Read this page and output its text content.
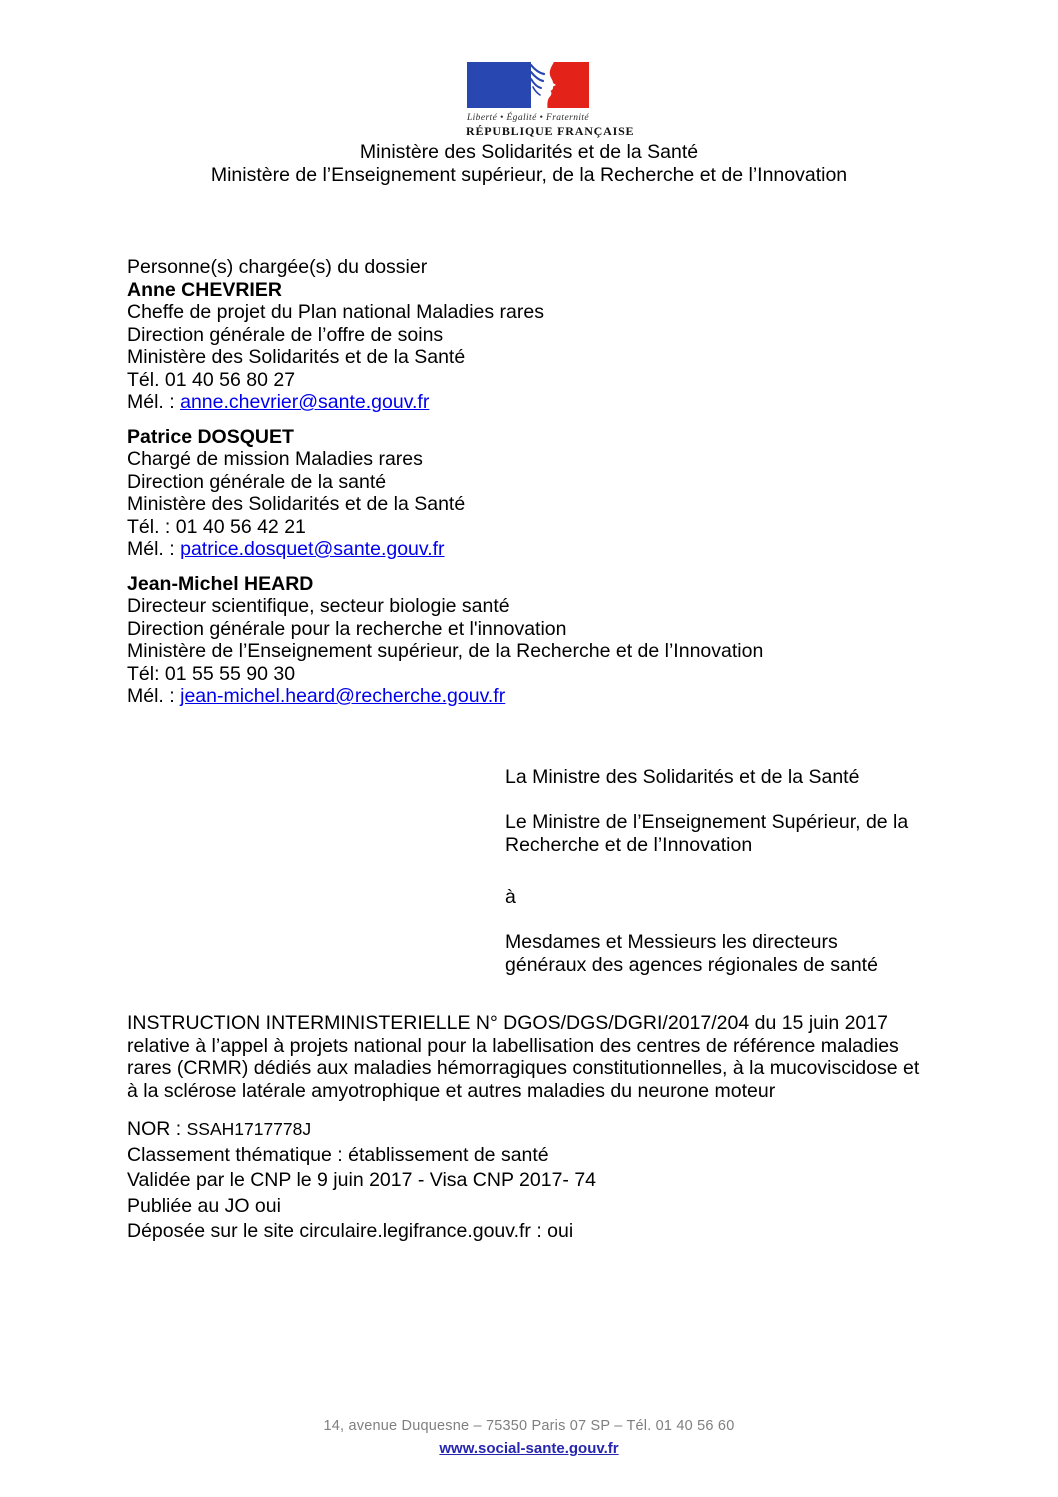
Liberté • Égalité • Fraternité
RÉPUBLIQUE FRANÇAISE
Ministère des Solidarités et de la Santé
Ministère de l’Enseignement supérieur, de la Recherche et de l’Innovation
Personne(s) chargée(s) du dossier
Anne CHEVRIER
Cheffe de projet du Plan national Maladies rares
Direction générale de l’offre de soins
Ministère des Solidarités et de la Santé
Tél. 01 40 56 80 27
Mél. : anne.chevrier@sante.gouv.fr
Patrice DOSQUET
Chargé de mission Maladies rares
Direction générale de la santé
Ministère des Solidarités et de la Santé
Tél. : 01 40 56 42 21
Mél. : patrice.dosquet@sante.gouv.fr
Jean-Michel HEARD
Directeur scientifique, secteur biologie santé
Direction générale pour la recherche et l'innovation
Ministère de l’Enseignement supérieur, de la Recherche et de l’Innovation
Tél: 01 55 55 90 30
Mél. : jean-michel.heard@recherche.gouv.fr
La Ministre des Solidarités et de la Santé
Le Ministre de l’Enseignement Supérieur, de la Recherche et de l’Innovation
à
Mesdames et Messieurs les directeurs généraux des agences régionales de santé
INSTRUCTION INTERMINISTERIELLE N° DGOS/DGS/DGRI/2017/204 du 15 juin 2017 relative à l’appel à projets national pour la labellisation des centres de référence maladies rares (CRMR) dédiés aux maladies hémorragiques constitutionnelles, à la mucoviscidose et à la sclérose latérale amyotrophique et autres maladies du neurone moteur
NOR : SSAH1717778J
Classement thématique : établissement de santé
Validée par le CNP le 9 juin 2017 - Visa CNP 2017- 74
Publiée au JO oui
Déposée sur le site circulaire.legifrance.gouv.fr : oui
14, avenue Duquesne – 75350 Paris 07 SP – Tél. 01 40 56 60
www.social-sante.gouv.fr
